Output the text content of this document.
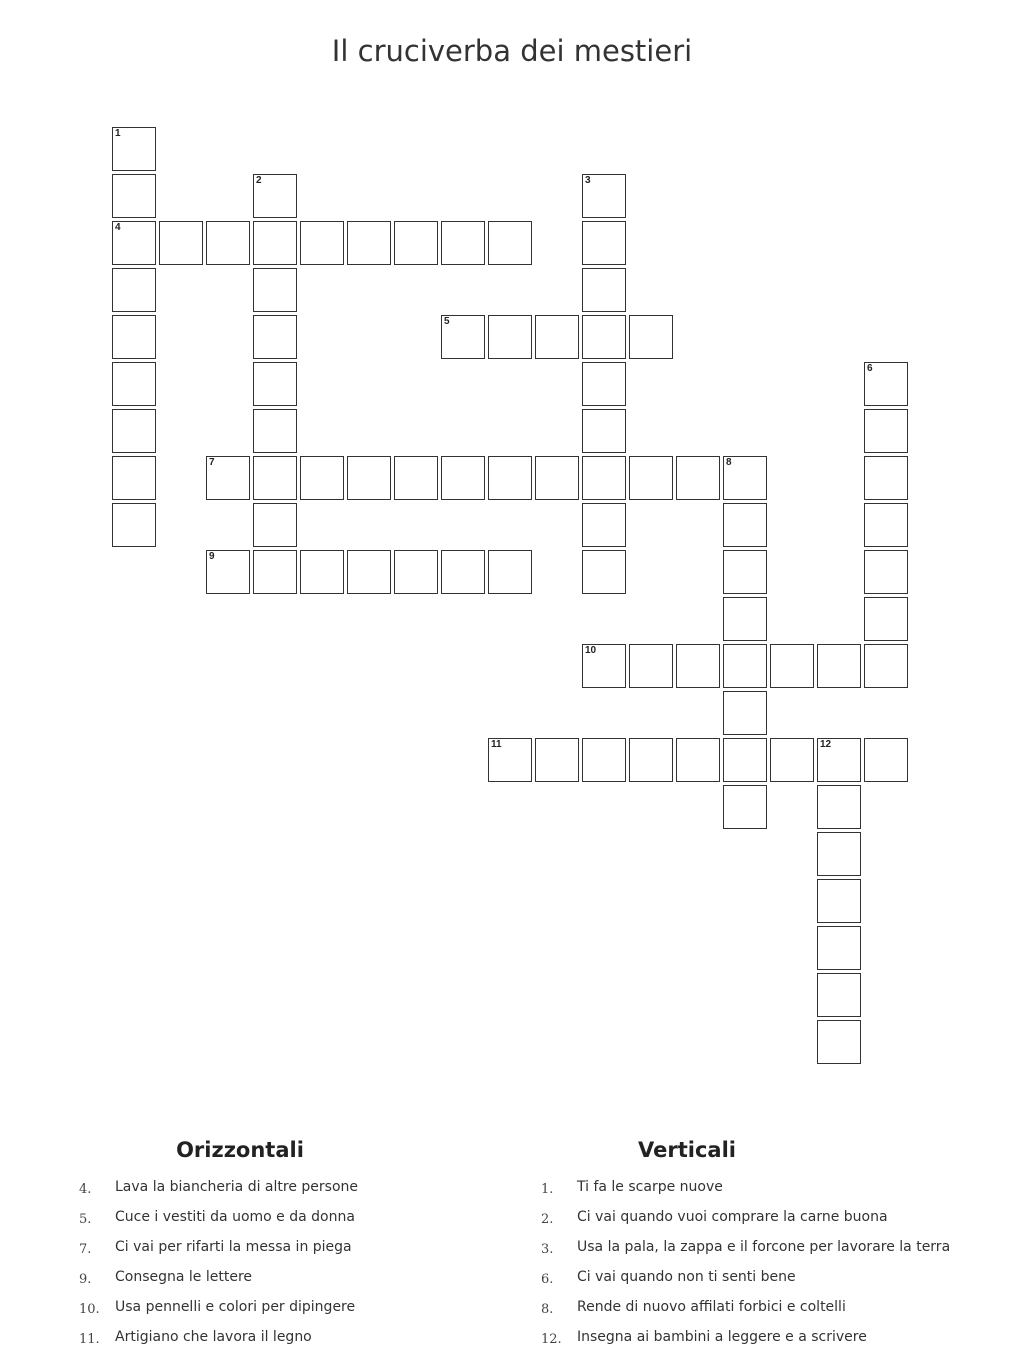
Il cruciverba dei mestieri
1
4
2	3
5
6
7	8
9
10
11	12
Orizzontali	Verticali
4.	Lava la biancheria di altre persone
5.	Cuce i vestiti da uomo e da donna
7.	Ci vai per rifarti la messa in piega
9.	Consegna le lettere
10.	Usa pennelli e colori per dipingere
11.	Artigiano che lavora il legno
1.	Ti fa le scarpe nuove
2.	Ci vai quando vuoi comprare la carne buona
3.	Usa la pala, la zappa e il forcone per lavorare la terra
6.	Ci vai quando non ti senti bene
8.	Rende di nuovo affilati forbici e coltelli
12.	Insegna ai bambini a leggere e a scrivere
